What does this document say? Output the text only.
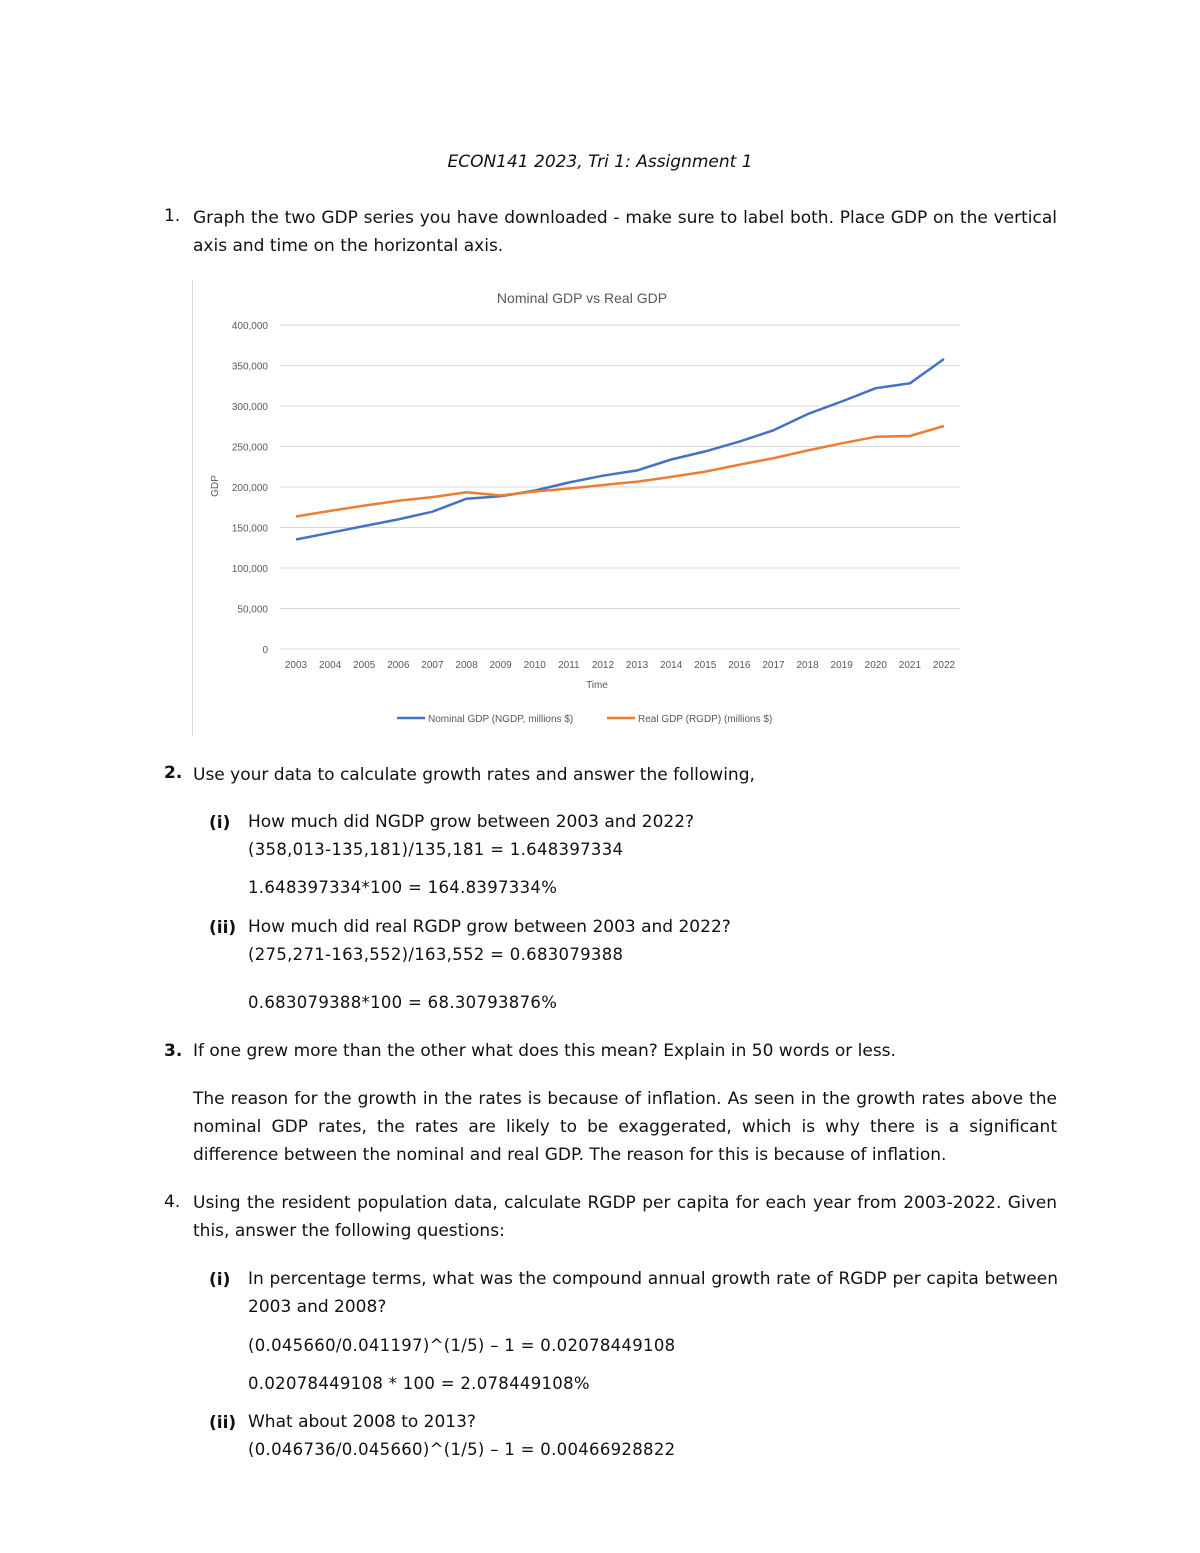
ECON141 2023, Tri 1: Assignment 1
1. Graph the two GDP series you have downloaded - make sure to label both. Place GDP on the vertical axis and time on the horizontal axis.
Nominal GDP vs Real GDP
0
50,000
100,000
150,000
200,000
250,000
300,000
350,000
400,000
2003 2004 2005 2006 2007 2008 2009 2010 2011 2012 2013 2014 2015 2016 2017 2018 2019 2020 2021 2022
GDP
Time
Nominal GDP (NGDP, millions $)	Real GDP (RGDP) (millions $)
2. Use your data to calculate growth rates and answer the following,
(i) How much did NGDP grow between 2003 and 2022?
(358,013-135,181)/135,181 = 1.648397334
1.648397334*100 = 164.8397334%
(ii) How much did real RGDP grow between 2003 and 2022?
(275,271-163,552)/163,552 = 0.683079388
0.683079388*100 = 68.30793876%
3. If one grew more than the other what does this mean? Explain in 50 words or less.
The reason for the growth in the rates is because of inflation. As seen in the growth rates above the nominal GDP rates, the rates are likely to be exaggerated, which is why there is a significant difference between the nominal and real GDP. The reason for this is because of inflation.
4. Using the resident population data, calculate RGDP per capita for each year from 2003-2022. Given this, answer the following questions:
(i) In percentage terms, what was the compound annual growth rate of RGDP per capita between 2003 and 2008?
(0.045660/0.041197)^(1/5) – 1 = 0.02078449108
0.02078449108 * 100 = 2.078449108%
(ii) What about 2008 to 2013?
(0.046736/0.045660)^(1/5) – 1 = 0.00466928822
